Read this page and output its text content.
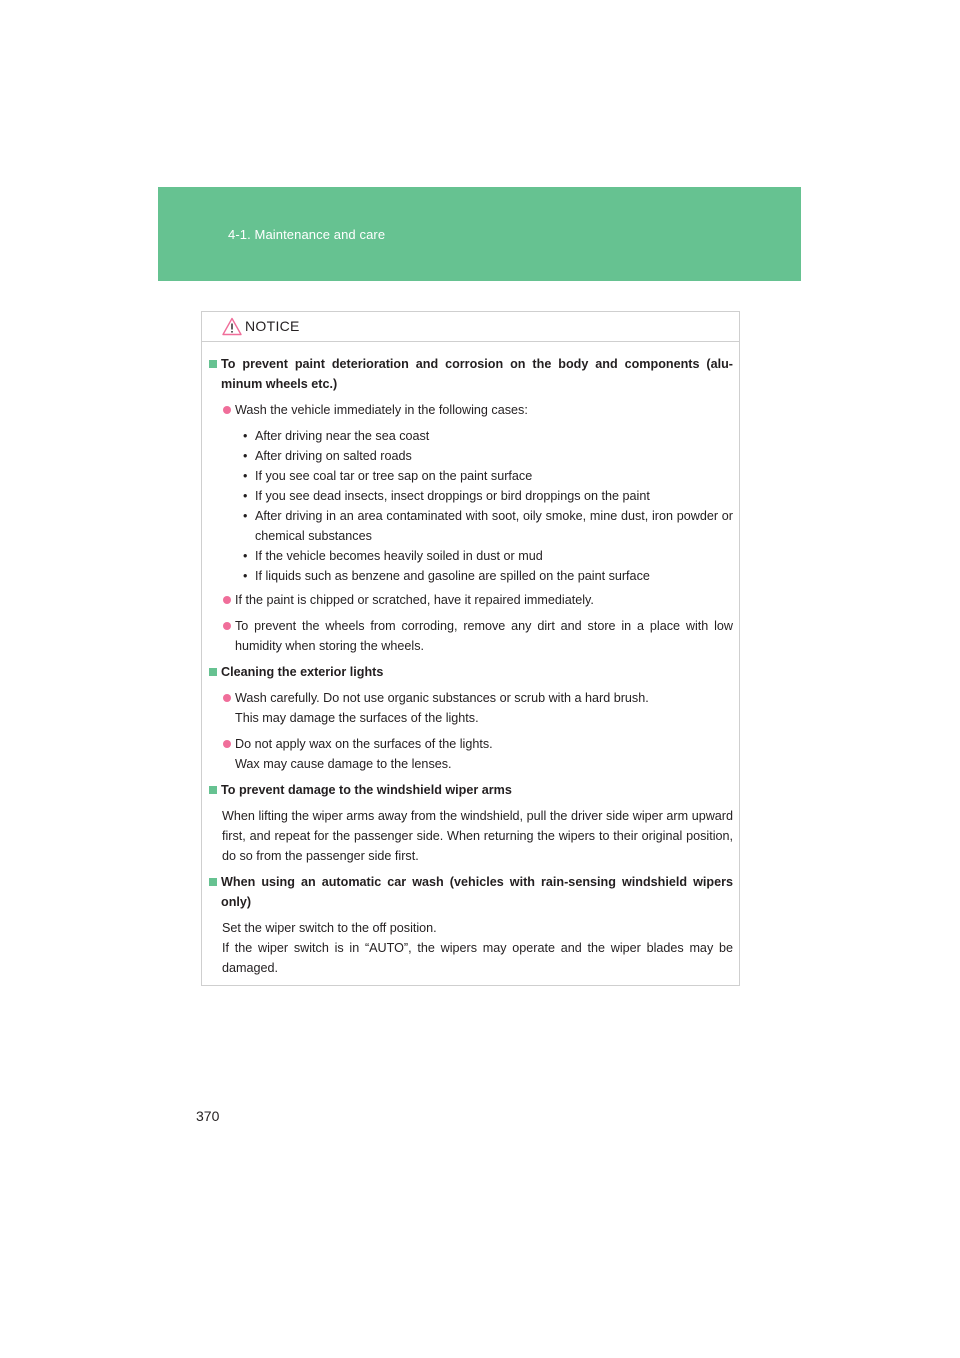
4-1. Maintenance and care
NOTICE
To prevent paint deterioration and corrosion on the body and components (alu- minum wheels etc.)
Wash the vehicle immediately in the following cases:
• After driving near the sea coast
• After driving on salted roads
• If you see coal tar or tree sap on the paint surface
• If you see dead insects, insect droppings or bird droppings on the paint
• After driving in an area contaminated with soot, oily smoke, mine dust, iron powder or chemical substances
• If the vehicle becomes heavily soiled in dust or mud
• If liquids such as benzene and gasoline are spilled on the paint surface
If the paint is chipped or scratched, have it repaired immediately.
To prevent the wheels from corroding, remove any dirt and store in a place with low humidity when storing the wheels.
Cleaning the exterior lights
Wash carefully. Do not use organic substances or scrub with a hard brush.
This may damage the surfaces of the lights.
Do not apply wax on the surfaces of the lights.
Wax may cause damage to the lenses.
To prevent damage to the windshield wiper arms
When lifting the wiper arms away from the windshield, pull the driver side wiper arm upward first, and repeat for the passenger side. When returning the wipers to their original position, do so from the passenger side first.
When using an automatic car wash (vehicles with rain-sensing windshield wipers only)
Set the wiper switch to the off position.
If the wiper switch is in “AUTO”, the wipers may operate and the wiper blades may be damaged.
370
